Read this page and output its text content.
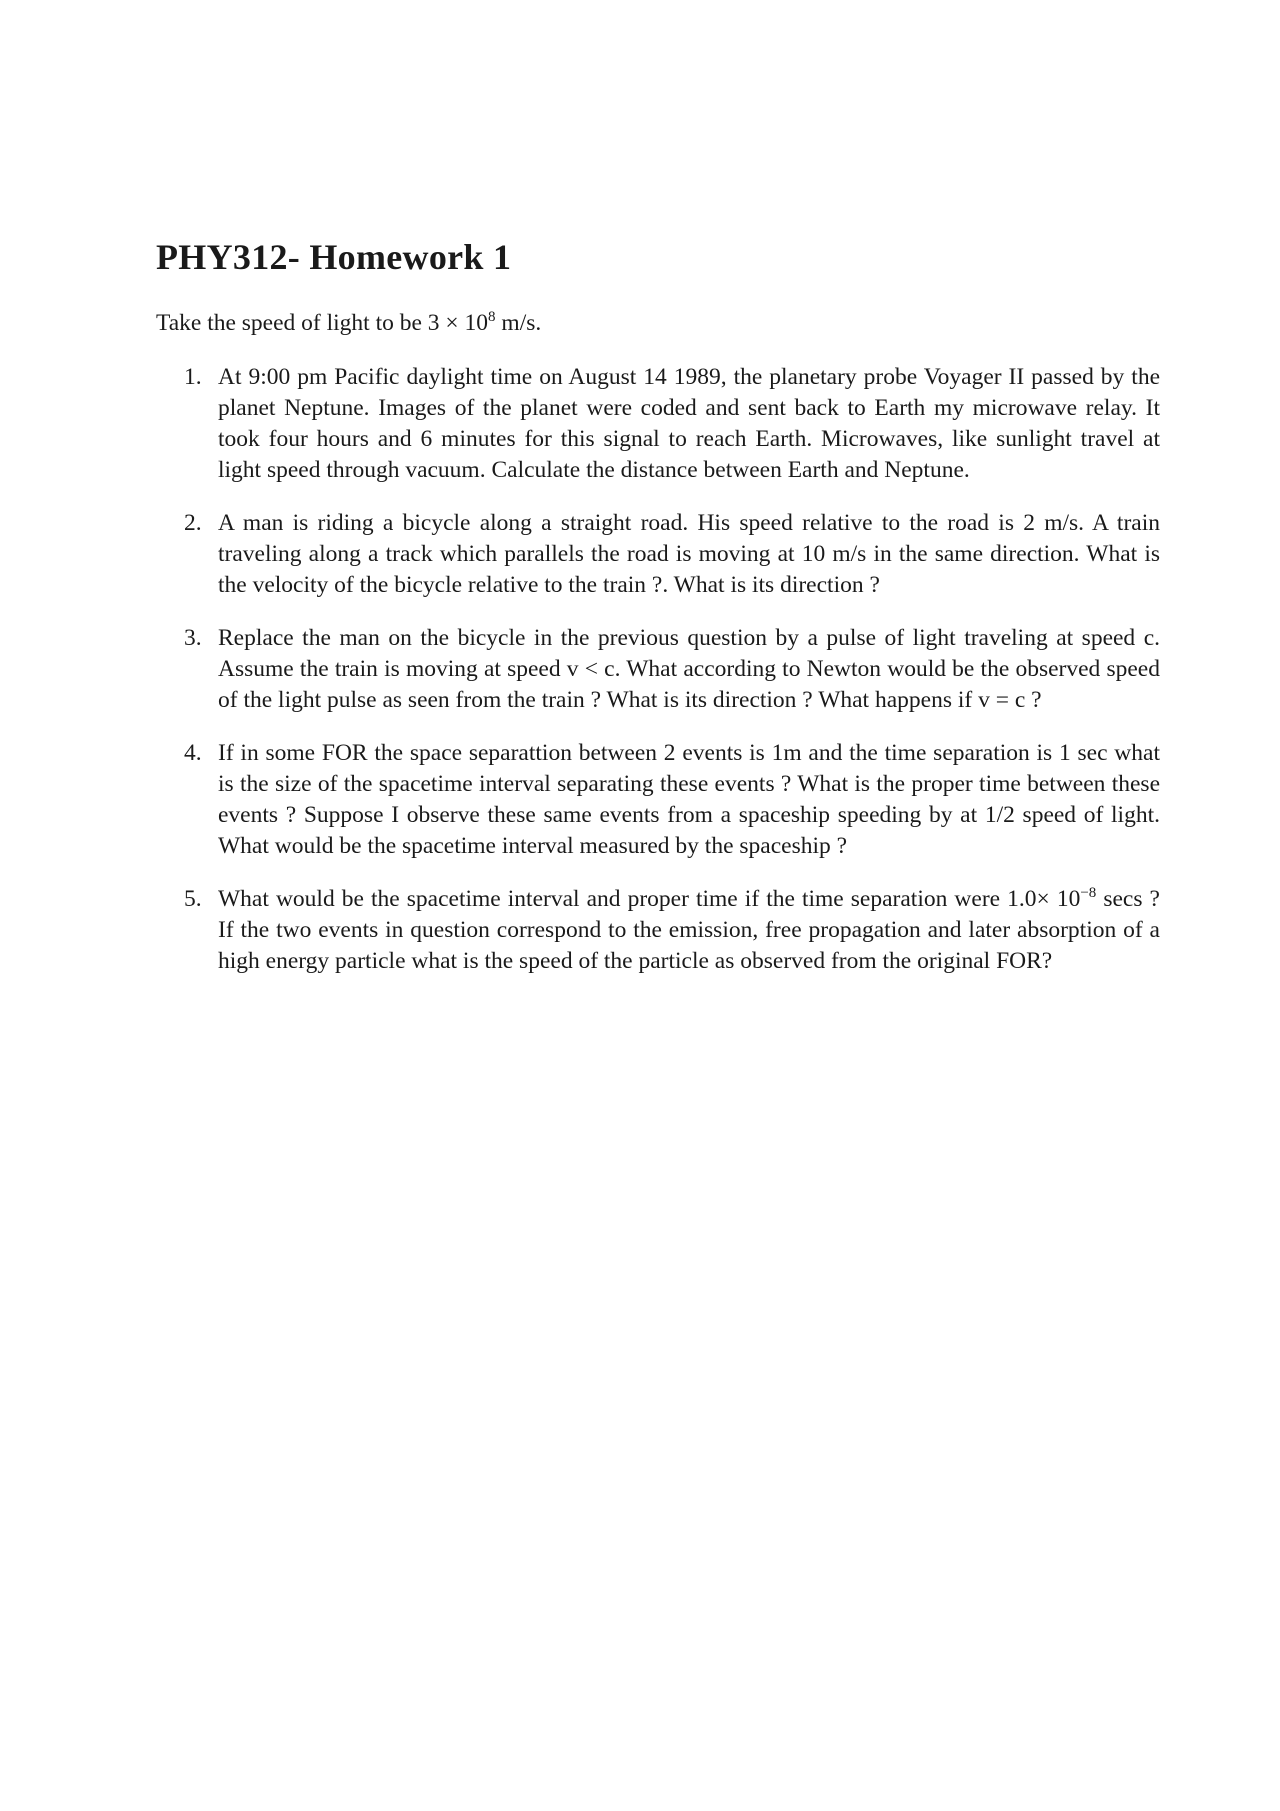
PHY312- Homework 1

Take the speed of light to be $3 \times 10^8$ m/s.

1. At 9:00 pm Pacific daylight time on August 14 1989, the planetary probe Voyager II passed by the planet Neptune. Images of the planet were coded and sent back to Earth my microwave relay. It took four hours and 6 minutes for this signal to reach Earth. Microwaves, like sunlight travel at light speed through vacuum. Calculate the distance between Earth and Neptune.
2. A man is riding a bicycle along a straight road. His speed relative to the road is 2 m/s. A train traveling along a track which parallels the road is moving at 10 m/s in the same direction. What is the velocity of the bicycle relative to the train ?. What is its direction ?
3. Replace the man on the bicycle in the previous question by a pulse of light traveling at speed c. Assume the train is moving at speed v < c. What according to Newton would be the observed speed of the light pulse as seen from the train ? What is its direction ? What happens if v = c ?
4. If in some FOR the space separattion between 2 events is 1m and the time separation is 1 sec what is the size of the spacetime interval separating these events ? What is the proper time between these events ? Suppose I observe these same events from a spaceship speeding by at 1/2 speed of light. What would be the spacetime interval measured by the spaceship ?
5. What would be the spacetime interval and proper time if the time separation were $1.0\times 10^{-8}$ secs ? If the two events in question correspond to the emission, free propagation and later absorption of a high energy particle what is the speed of the particle as observed from the original FOR?
